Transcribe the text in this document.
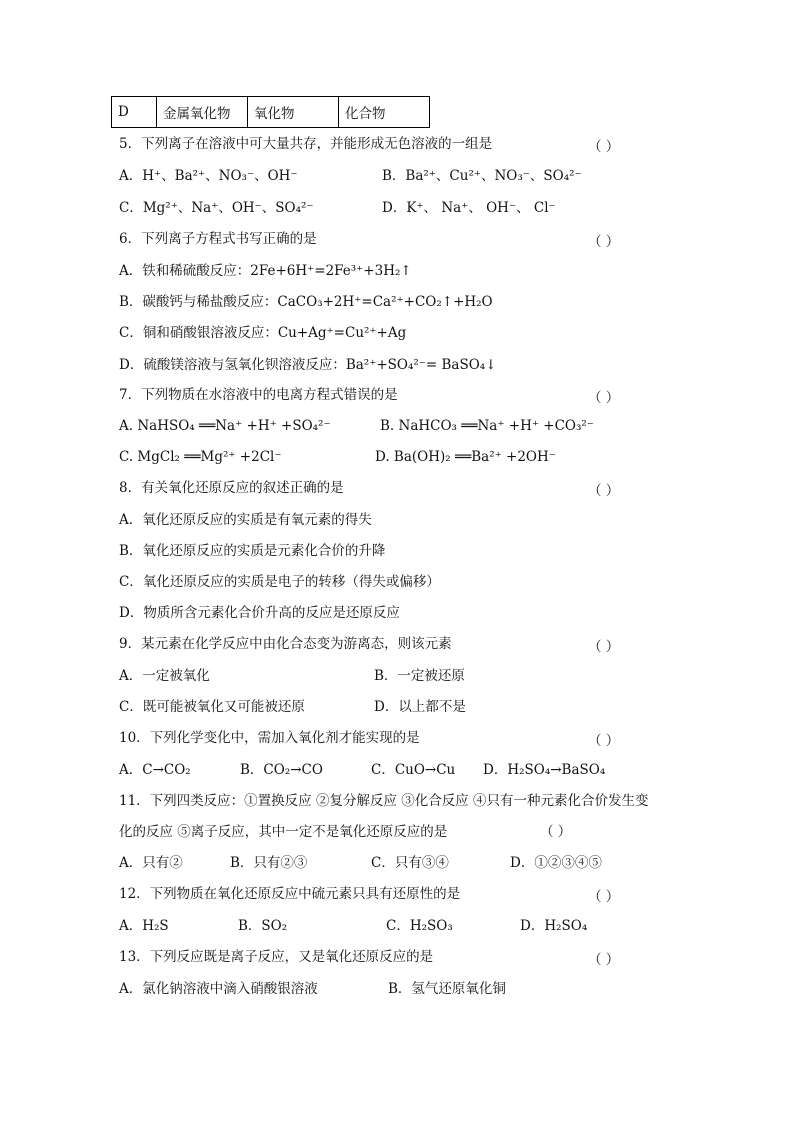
D	金属氧化物	氧化物	化合物
5．下列离子在溶液中可大量共存，并能形成无色溶液的一组是	（ ）
A．H⁺、Ba²⁺、NO₃⁻、OH⁻	B．Ba²⁺、Cu²⁺、NO₃⁻、SO₄²⁻
C．Mg²⁺、Na⁺、OH⁻、SO₄²⁻	D．K⁺、 Na⁺、 OH⁻、 Cl⁻
6．下列离子方程式书写正确的是	（ ）
A．铁和稀硫酸反应：2Fe+6H⁺=2Fe³⁺+3H₂↑
B．碳酸钙与稀盐酸反应：CaCO₃+2H⁺=Ca²⁺+CO₂↑+H₂O
C．铜和硝酸银溶液反应：Cu+Ag⁺=Cu²⁺+Ag
D．硫酸镁溶液与氢氧化钡溶液反应：Ba²⁺+SO₄²⁻= BaSO₄↓
7．下列物质在水溶液中的电离方程式错误的是	（ ）
A. NaHSO₄ ══Na⁺ +H⁺ +SO₄²⁻	B. NaHCO₃ ══Na⁺ +H⁺ +CO₃²⁻
C. MgCl₂ ══Mg²⁺ +2Cl⁻	D. Ba(OH)₂ ══Ba²⁺ +2OH⁻
8．有关氧化还原反应的叙述正确的是	（ ）
A．氧化还原反应的实质是有氧元素的得失
B．氧化还原反应的实质是元素化合价的升降
C．氧化还原反应的实质是电子的转移（得失或偏移）
D．物质所含元素化合价升高的反应是还原反应
9．某元素在化学反应中由化合态变为游离态，则该元素	（ ）
A．一定被氧化	B．一定被还原
C．既可能被氧化又可能被还原	D．以上都不是
10．下列化学变化中，需加入氧化剂才能实现的是	（ ）
A．C→CO₂	B．CO₂→CO	C．CuO→Cu D．H₂SO₄→BaSO₄
11．下列四类反应：①置换反应 ②复分解反应 ③化合反应 ④只有一种元素化合价发生变
化的反应 ⑤离子反应，其中一定不是氧化还原反应的是	（ ）
A．只有②	B．只有②③	C．只有③④	D．①②③④⑤
12．下列物质在氧化还原反应中硫元素只具有还原性的是	（ ）
A．H₂S	B．SO₂	C．H₂SO₃	D．H₂SO₄
13．下列反应既是离子反应，又是氧化还原反应的是	（ ）
A．氯化钠溶液中滴入硝酸银溶液	B．氢气还原氧化铜
